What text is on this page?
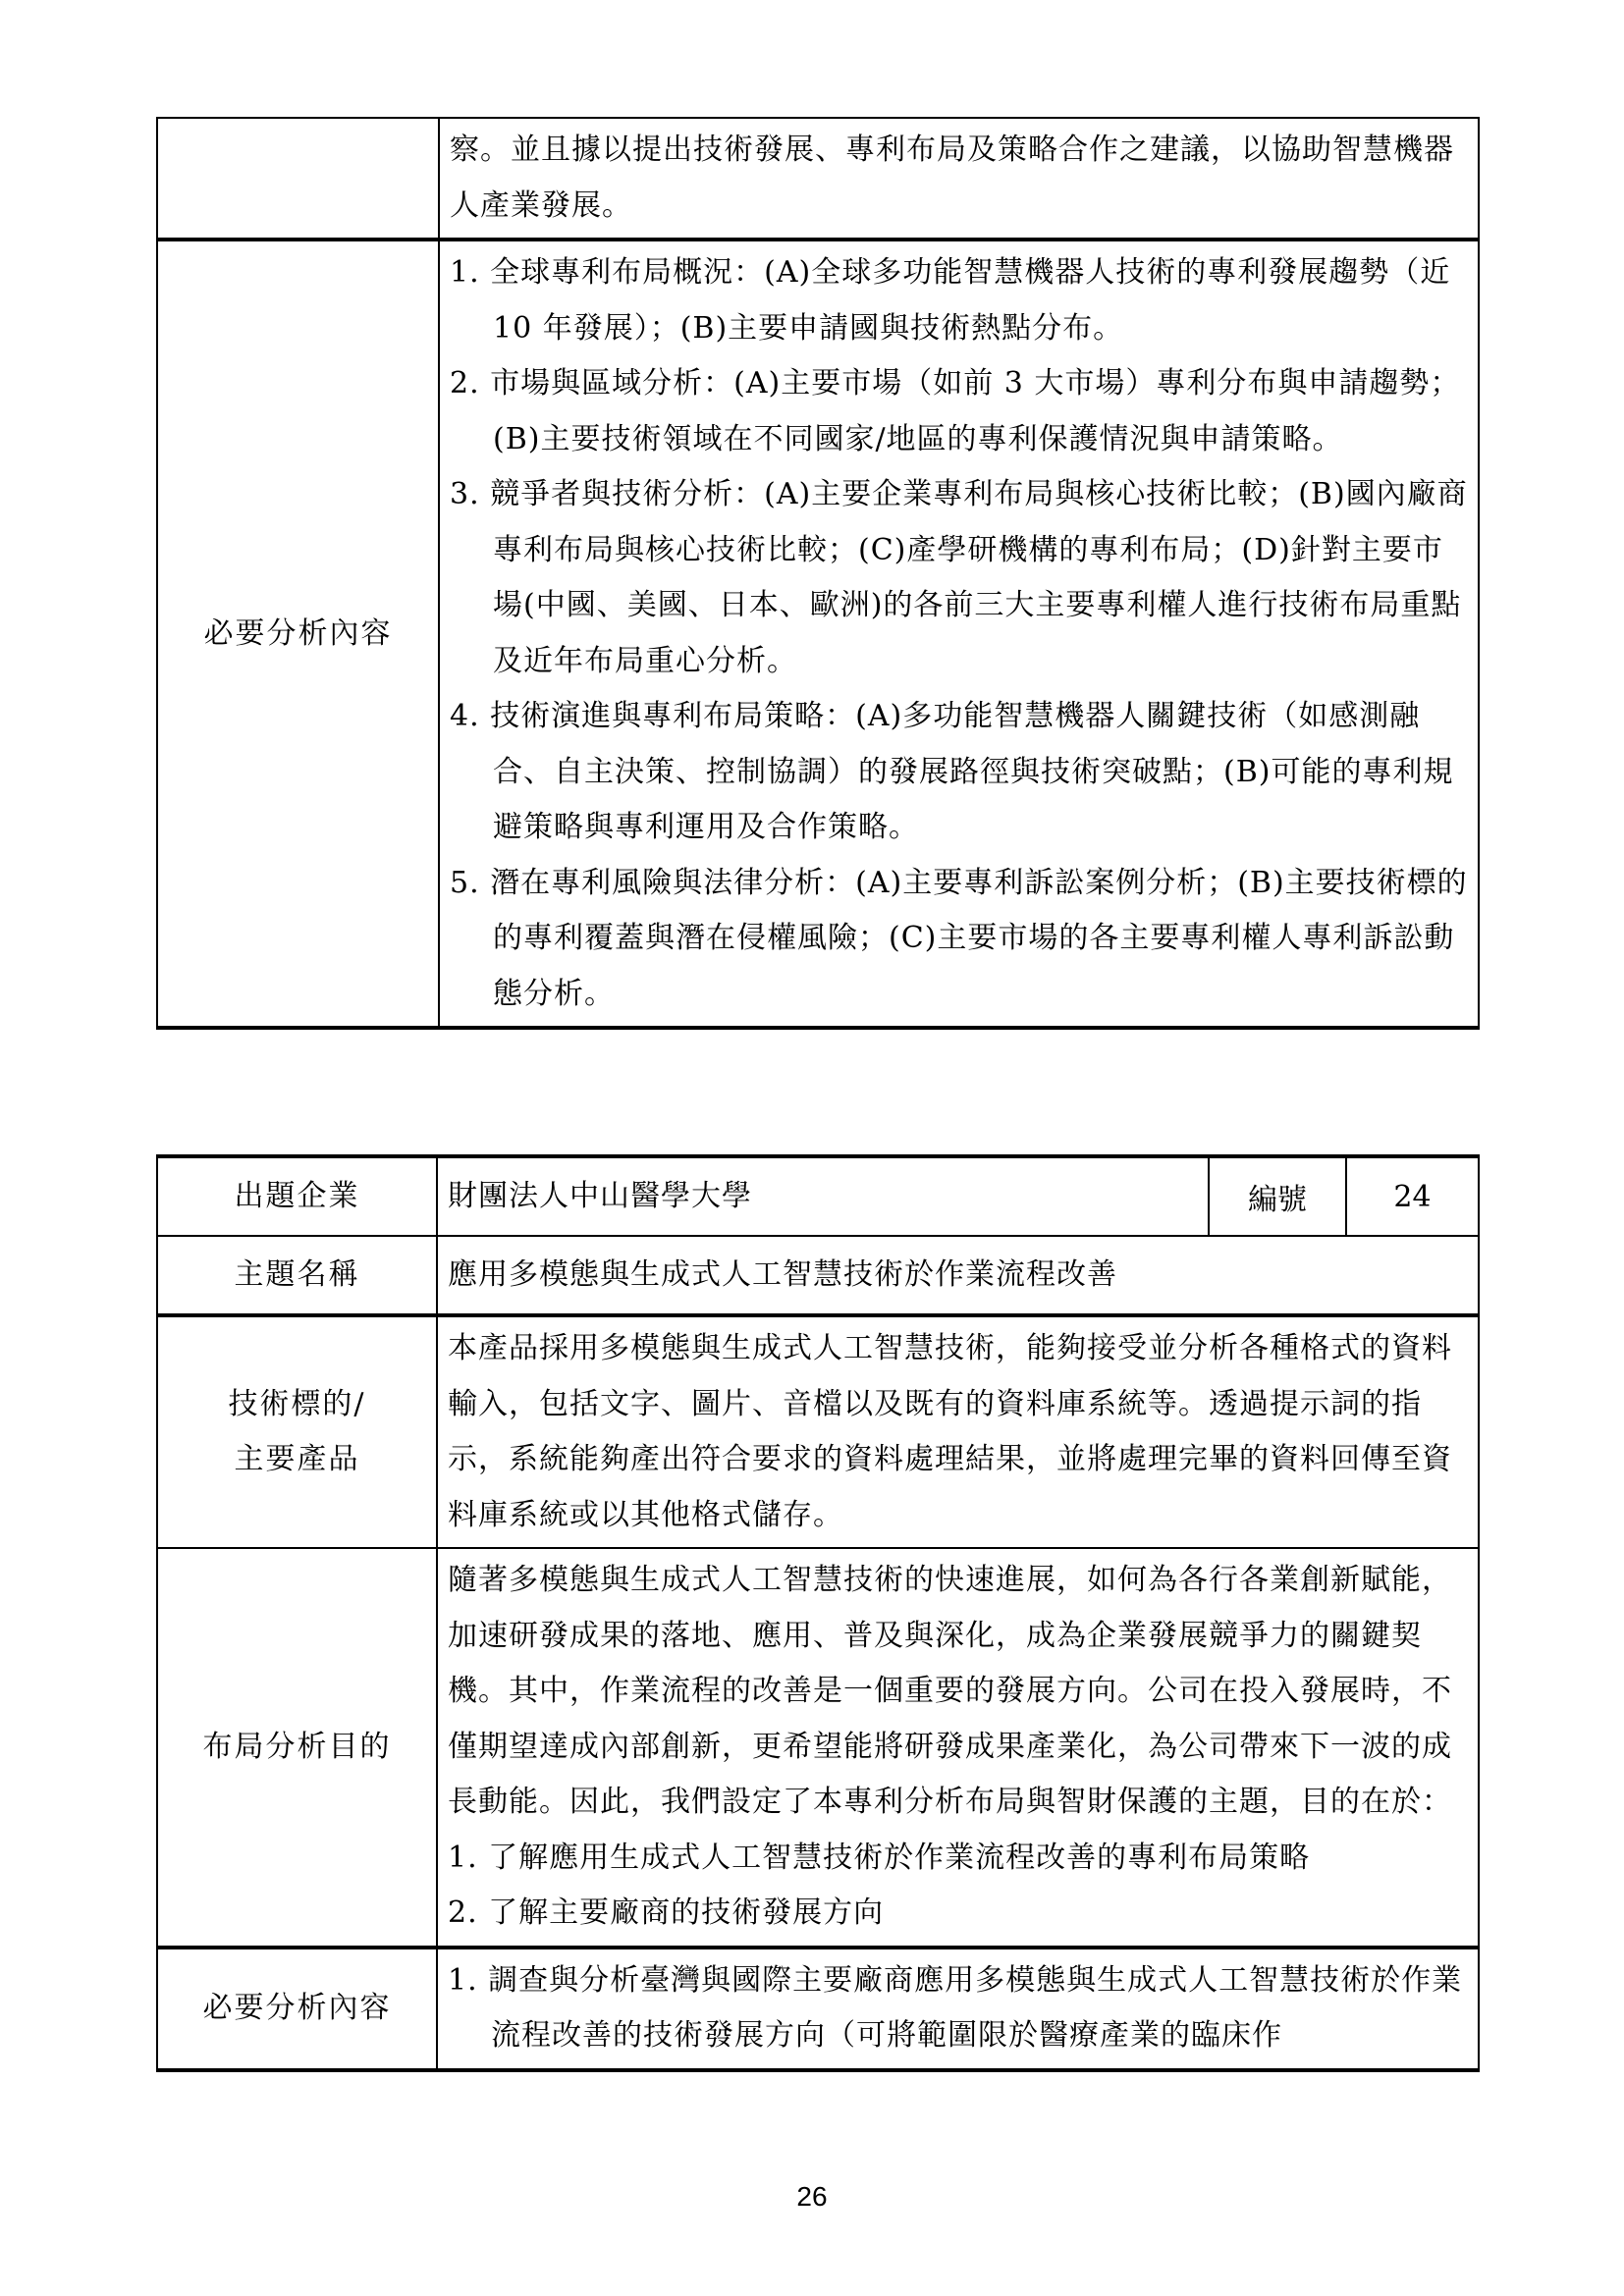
	察。並且據以提出技術發展、專利布局及策略合作之建議，以協助智慧機器人產業發展。

必要分析內容	1. 全球專利布局概況：(A)全球多功能智慧機器人技術的專利發展趨勢（近 10 年發展）；(B)主要申請國與技術熱點分布。

2. 市場與區域分析：(A)主要市場（如前 3 大市場）專利分布與申請趨勢；(B)主要技術領域在不同國家/地區的專利保護情況與申請策略。

3. 競爭者與技術分析：(A)主要企業專利布局與核心技術比較；(B)國內廠商專利布局與核心技術比較；(C)產學研機構的專利布局；(D)針對主要市場(中國、美國、日本、歐洲)的各前三大主要專利權人進行技術布局重點及近年布局重心分析。

4. 技術演進與專利布局策略：(A)多功能智慧機器人關鍵技術（如感測融合、自主決策、控制協調）的發展路徑與技術突破點；(B)可能的專利規避策略與專利運用及合作策略。

5. 潛在專利風險與法律分析：(A)主要專利訴訟案例分析；(B)主要技術標的的專利覆蓋與潛在侵權風險；(C)主要市場的各主要專利權人專利訴訟動態分析。

出題企業	財團法人中山醫學大學	編號	24
主題名稱	應用多模態與生成式人工智慧技術於作業流程改善		

技術標的/
主要產品	本產品採用多模態與生成式人工智慧技術，能夠接受並分析各種格式的資料輸入，包括文字、圖片、音檔以及既有的資料庫系統等。透過提示詞的指示，系統能夠產出符合要求的資料處理結果，並將處理完畢的資料回傳至資料庫系統或以其他格式儲存。		

布局分析目的	隨著多模態與生成式人工智慧技術的快速進展，如何為各行各業創新賦能，加速研發成果的落地、應用、普及與深化，成為企業發展競爭力的關鍵契機。其中，作業流程的改善是一個重要的發展方向。公司在投入發展時，不僅期望達成內部創新，更希望能將研發成果產業化，為公司帶來下一波的成長動能。因此，我們設定了本專利分析布局與智財保護的主題，目的在於：

1. 了解應用生成式人工智慧技術於作業流程改善的專利布局策略

2. 了解主要廠商的技術發展方向		

必要分析內容	1. 調查與分析臺灣與國際主要廠商應用多模態與生成式人工智慧技術於作業流程改善的技術發展方向（可將範圍限於醫療產業的臨床作		

26
